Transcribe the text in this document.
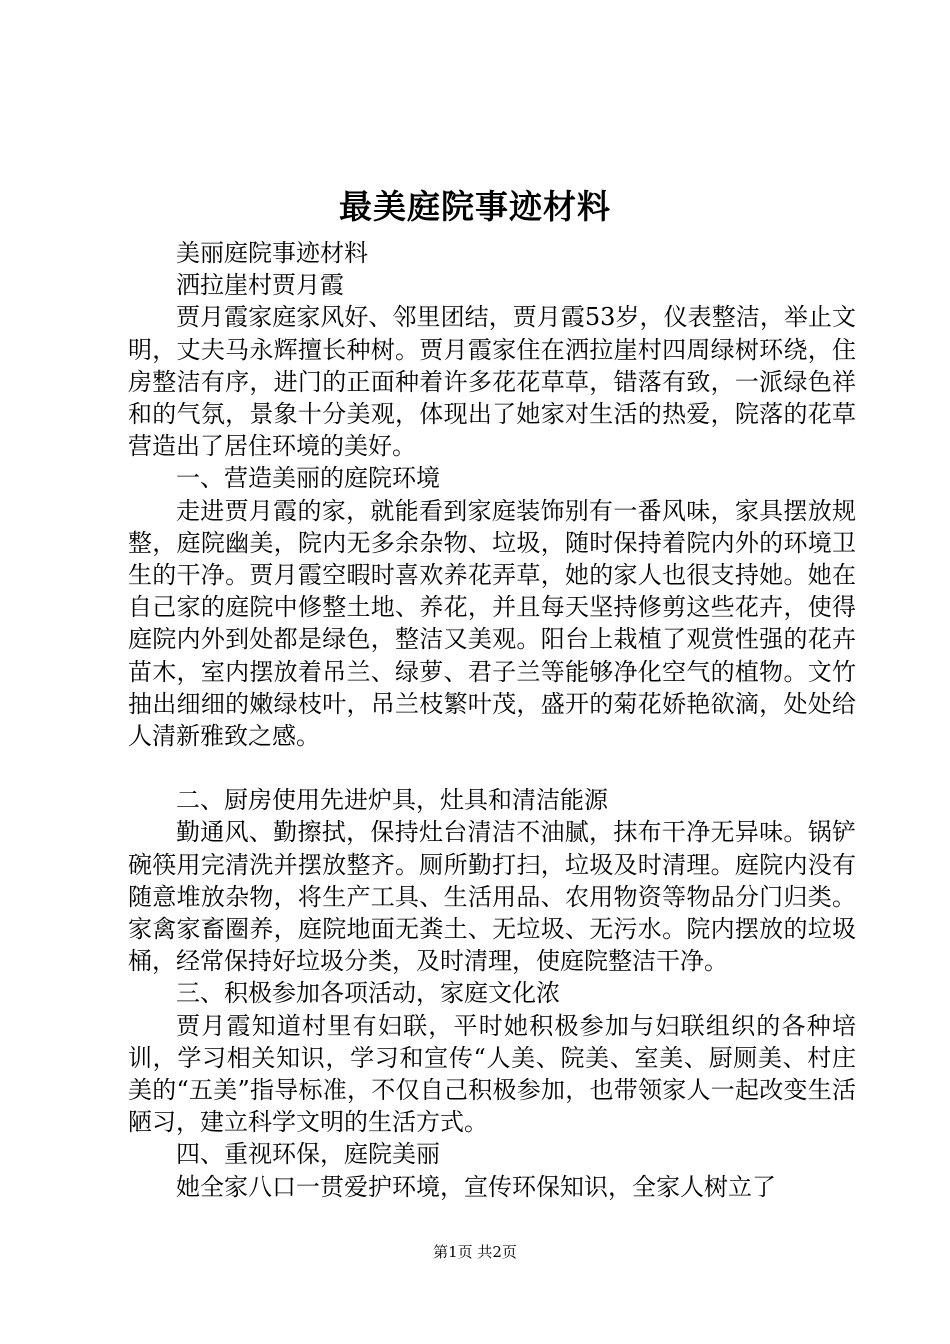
最美庭院事迹材料

美丽庭院事迹材料

洒拉崖村贾月霞

贾月霞家庭家风好、邻里团结，贾月霞53岁，仪表整洁，举止文明，丈夫马永辉擅长种树。贾月霞家住在洒拉崖村四周绿树环绕，住房整洁有序，进门的正面种着许多花花草草，错落有致，一派绿色祥和的气氛，景象十分美观，体现出了她家对生活的热爱，院落的花草营造出了居住环境的美好。

一、营造美丽的庭院环境

走进贾月霞的家，就能看到家庭装饰别有一番风味，家具摆放规整，庭院幽美，院内无多余杂物、垃圾，随时保持着院内外的环境卫生的干净。贾月霞空暇时喜欢养花弄草，她的家人也很支持她。她在自己家的庭院中修整土地、养花，并且每天坚持修剪这些花卉，使得庭院内外到处都是绿色，整洁又美观。阳台上栽植了观赏性强的花卉苗木，室内摆放着吊兰、绿萝、君子兰等能够净化空气的植物。文竹抽出细细的嫩绿枝叶，吊兰枝繁叶茂，盛开的菊花娇艳欲滴，处处给人清新雅致之感。

二、厨房使用先进炉具，灶具和清洁能源

勤通风、勤擦拭，保持灶台清洁不油腻，抹布干净无异味。锅铲碗筷用完清洗并摆放整齐。厕所勤打扫，垃圾及时清理。庭院内没有随意堆放杂物，将生产工具、生活用品、农用物资等物品分门归类。家禽家畜圈养，庭院地面无粪土、无垃圾、无污水。院内摆放的垃圾桶，经常保持好垃圾分类，及时清理，使庭院整洁干净。

三、积极参加各项活动，家庭文化浓

贾月霞知道村里有妇联，平时她积极参加与妇联组织的各种培训，学习相关知识，学习和宣传“人美、院美、室美、厨厕美、村庄美的“五美”指导标准，不仅自己积极参加，也带领家人一起改变生活陋习，建立科学文明的生活方式。

四、重视环保，庭院美丽

她全家八口一贯爱护环境，宣传环保知识，全家人树立了

第1页 共2页
